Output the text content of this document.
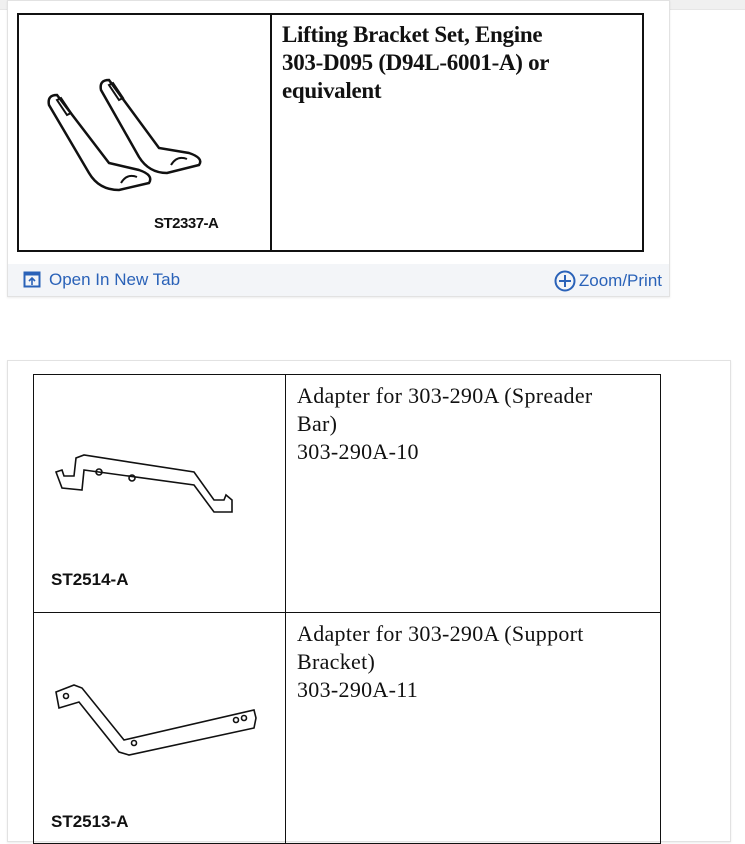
ST2337-A
Lifting Bracket Set, Engine
303-D095 (D94L-6001-A) or
equivalent
Open In New Tab	Zoom/Print
ST2514-A
Adapter for 303-290A (Spreader
Bar)
303-290A-10
ST2513-A
Adapter for 303-290A (Support
Bracket)
303-290A-11
